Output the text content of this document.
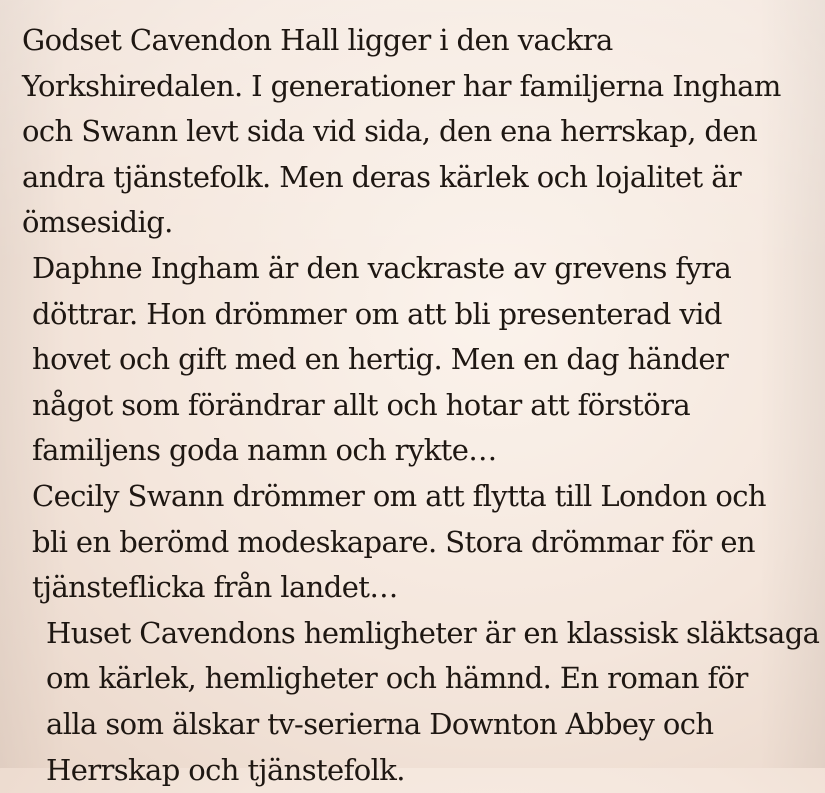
Godset Cavendon Hall ligger i den vackra
Yorkshiredalen. I generationer har familjerna Ingham
och Swann levt sida vid sida, den ena herrskap, den
andra tjänstefolk. Men deras kärlek och lojalitet är
ömsesidig.

Daphne Ingham är den vackraste av grevens fyra
döttrar. Hon drömmer om att bli presenterad vid
hovet och gift med en hertig. Men en dag händer
något som förändrar allt och hotar att förstöra
familjens goda namn och rykte…

Cecily Swann drömmer om att flytta till London och
bli en berömd modeskapare. Stora drömmar för en
tjänsteflicka från landet…

Huset Cavendons hemligheter är en klassisk släktsaga
om kärlek, hemligheter och hämnd. En roman för
alla som älskar tv-serierna Downton Abbey och
Herrskap och tjänstefolk.
